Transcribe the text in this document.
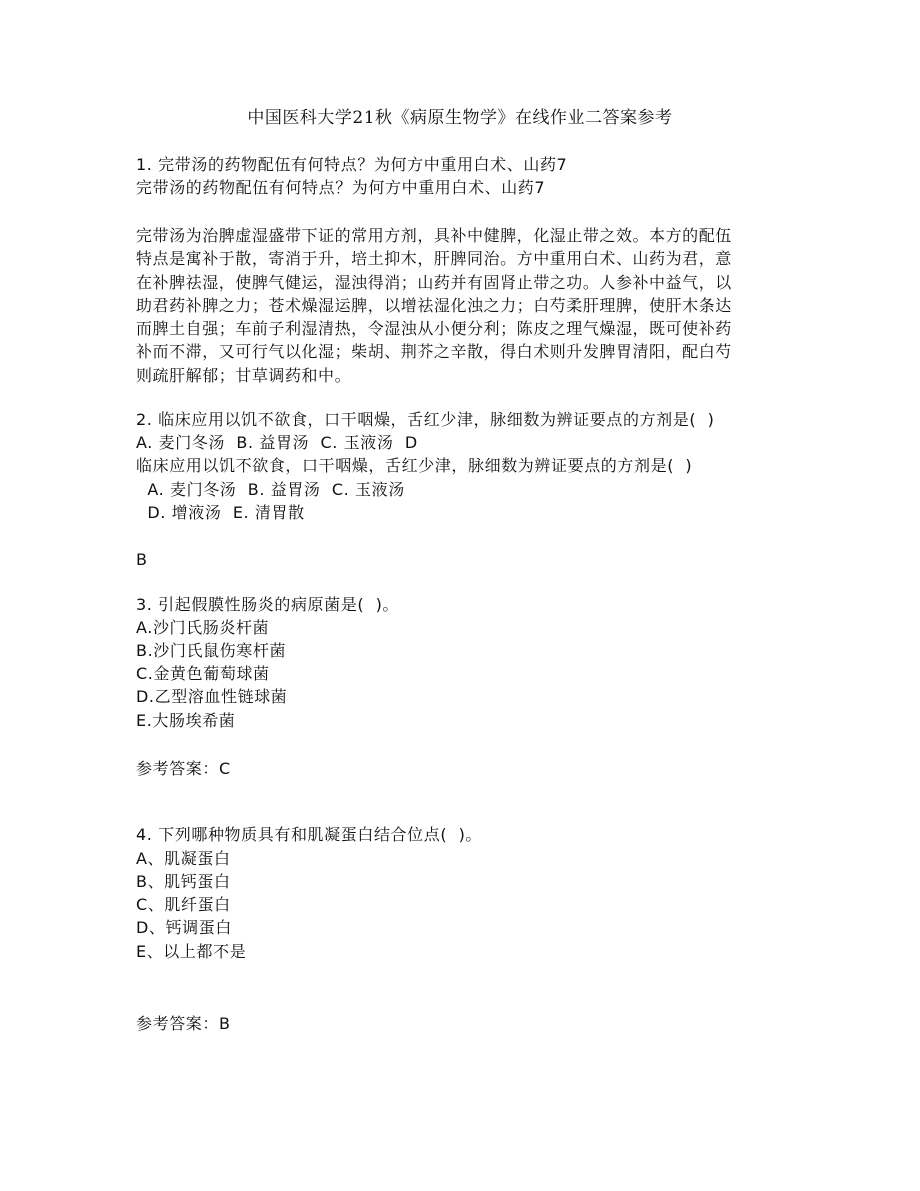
中国医科大学21秋《病原生物学》在线作业二答案参考
1. 完带汤的药物配伍有何特点？为何方中重用白术、山药7
完带汤的药物配伍有何特点？为何方中重用白术、山药7
完带汤为治脾虚湿盛带下证的常用方剂，具补中健脾，化湿止带之效。本方的配伍
特点是寓补于散，寄消于升，培土抑木，肝脾同治。方中重用白术、山药为君，意
在补脾祛湿，使脾气健运，湿浊得消；山药并有固肾止带之功。人参补中益气，以
助君药补脾之力；苍术燥湿运脾，以增祛湿化浊之力；白芍柔肝理脾，使肝木条达
而脾土自强；车前子利湿清热，令湿浊从小便分利；陈皮之理气燥湿，既可使补药
补而不滞，又可行气以化湿；柴胡、荆芥之辛散，得白术则升发脾胃清阳，配白芍
则疏肝解郁；甘草调药和中。
2. 临床应用以饥不欲食，口干咽燥，舌红少津，脉细数为辨证要点的方剂是(  )
A. 麦门冬汤  B. 益胃汤  C. 玉液汤  D
临床应用以饥不欲食，口干咽燥，舌红少津，脉细数为辨证要点的方剂是(  )
A. 麦门冬汤  B. 益胃汤  C. 玉液汤
D. 增液汤  E. 清胃散
B
3. 引起假膜性肠炎的病原菌是(  )。
A.沙门氏肠炎杆菌
B.沙门氏鼠伤寒杆菌
C.金黄色葡萄球菌
D.乙型溶血性链球菌
E.大肠埃希菌
参考答案：C
4. 下列哪种物质具有和肌凝蛋白结合位点(  )。
A、肌凝蛋白
B、肌钙蛋白
C、肌纤蛋白
D、钙调蛋白
E、以上都不是
参考答案：B
